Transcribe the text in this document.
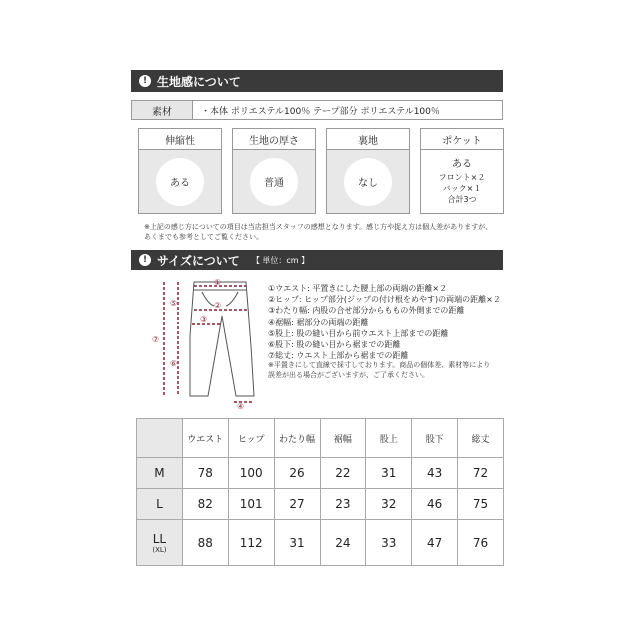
! 生地感について
素材	・本体 ポリエステル100％ テープ部分 ポリエステル100％
伸縮性
ある
生地の厚さ
普通
裏地
なし
ポケット
ある
フロント×２
バック×１
合計3つ
※上記の感じ方についての項目は当店担当スタッフの感想となります。感じ方や捉え方は個人差がありますが、
あくまでも参考としてご覧ください。
! サイズについて 【 単位：cm 】
①
②
③
④
⑤
⑥
⑦
①ウエスト: 平置きにした腰上部の両端の距離×２
②ヒップ: ヒップ部分(ジップの付け根をめやす)の両端の距離×２
③わたり幅: 内股の合せ部分からももの外側までの距離
④裾幅: 裾部分の両端の距離
⑤股上: 股の縫い目から前ウエスト上部までの距離
⑥股下: 股の縫い目から裾までの距離
⑦総丈: ウエスト上部から裾までの距離
※平置きにして直線で採寸しております。商品の個体差、素材等により
誤差が出る場合がございますが、ご了承ください。
	ウエスト	ヒップ	わたり幅	裾幅	股上	股下	総丈
M	78	100	26	22	31	43	72
L	82	101	27	23	32	46	75
LL
(XL)	88	112	31	24	33	47	76
